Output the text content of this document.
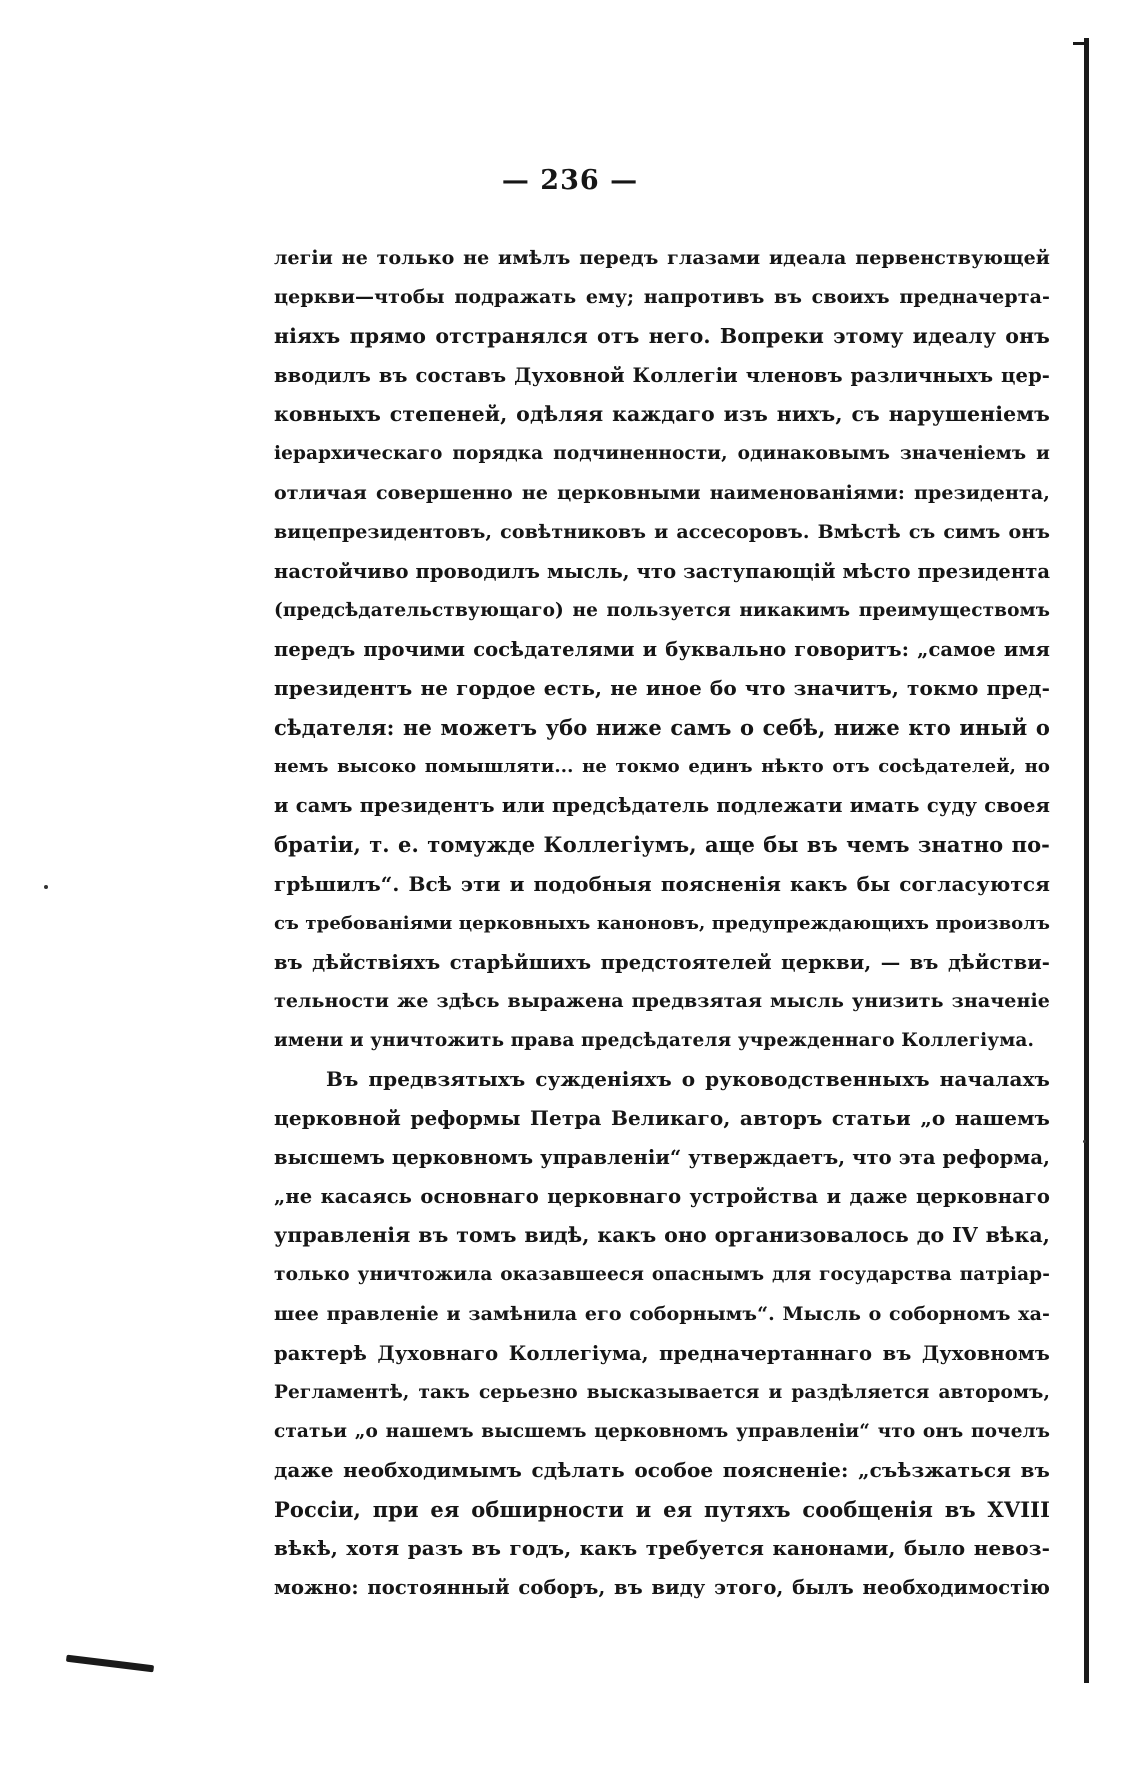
— 236 —
легіи не только не имѣлъ передъ глазами идеала первенствующей
церкви—чтобы подражать ему; напротивъ въ своихъ предначерта-
ніяхъ прямо отстранялся отъ него. Вопреки этому идеалу онъ
вводилъ въ составъ Духовной Коллегіи членовъ различныхъ цер-
ковныхъ степеней, одѣляя каждаго изъ нихъ, съ нарушеніемъ
іерархическаго порядка подчиненности, одинаковымъ значеніемъ и
отличая совершенно не церковными наименованіями: президента,
вицепрезидентовъ, совѣтниковъ и ассесоровъ. Вмѣстѣ съ симъ онъ
настойчиво проводилъ мысль, что заступающій мѣсто президента
(предсѣдательствующаго) не пользуется никакимъ преимуществомъ
передъ прочими сосѣдателями и буквально говоритъ: „самое имя
президентъ не гордое есть, не иное бо что значитъ, токмо пред-
сѣдателя: не можетъ убо ниже самъ о себѣ, ниже кто иный о
немъ высоко помышляти... не токмо единъ нѣкто отъ сосѣдателей, но
и самъ президентъ или предсѣдатель подлежати имать суду своея
братіи, т. е. томужде Коллегіумъ, аще бы въ чемъ знатно по-
грѣшилъ“. Всѣ эти и подобныя поясненія какъ бы согласуются
съ требованіями церковныхъ каноновъ, предупреждающихъ произволъ
въ дѣйствіяхъ старѣйшихъ предстоятелей церкви, — въ дѣйстви-
тельности же здѣсь выражена предвзятая мысль унизить значеніе
имени и уничтожить права предсѣдателя учрежденнаго Коллегіума.
Въ предвзятыхъ сужденіяхъ о руководственныхъ началахъ
церковной реформы Петра Великаго, авторъ статьи „о нашемъ
высшемъ церковномъ управленіи“ утверждаетъ, что эта реформа,
„не касаясь основнаго церковнаго устройства и даже церковнаго
управленія въ томъ видѣ, какъ оно организовалось до IV вѣка,
только уничтожила оказавшееся опаснымъ для государства патріар-
шее правленіе и замѣнила его соборнымъ“. Мысль о соборномъ ха-
рактерѣ Духовнаго Коллегіума, предначертаннаго въ Духовномъ
Регламентѣ, такъ серьезно высказывается и раздѣляется авторомъ,
статьи „о нашемъ высшемъ церковномъ управленіи“ что онъ почелъ
даже необходимымъ сдѣлать особое поясненіе: „съѣзжаться въ
Россіи, при ея обширности и ея путяхъ сообщенія въ XVIII
вѣкѣ, хотя разъ въ годъ, какъ требуется канонами, было невоз-
можно: постоянный соборъ, въ виду этого, былъ необходимостію
